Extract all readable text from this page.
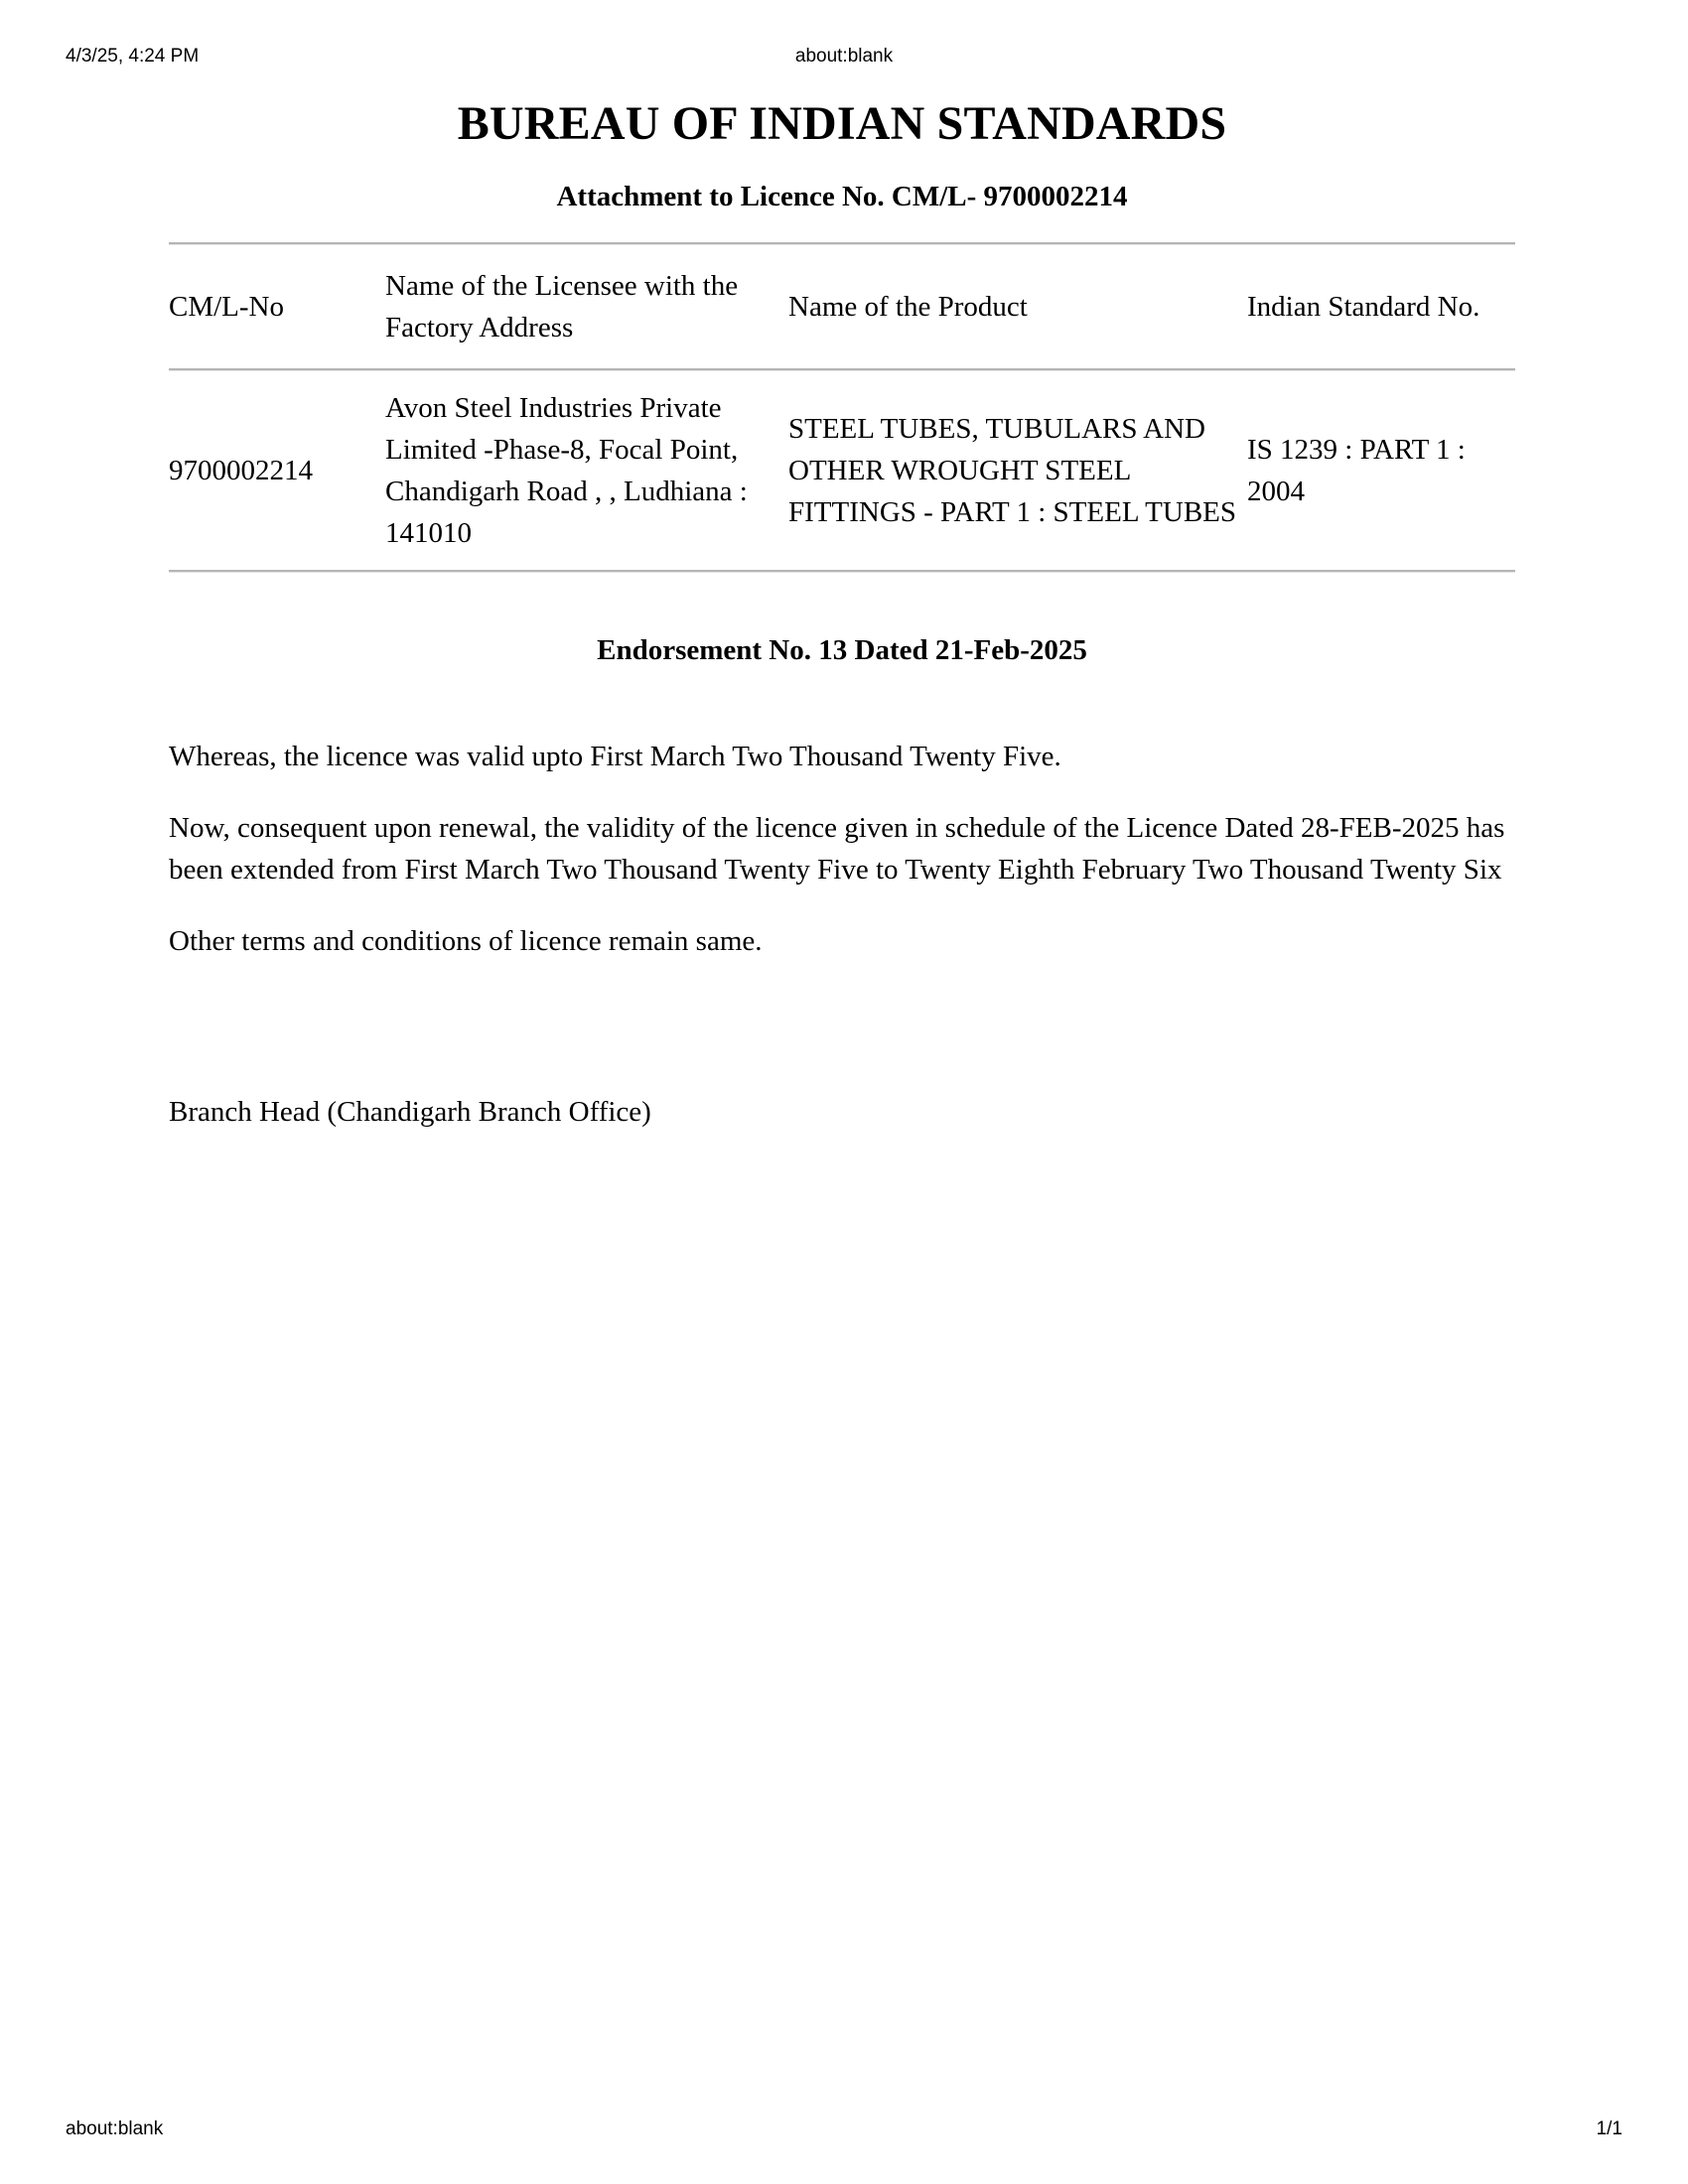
4/3/25, 4:24 PM	about:blank
BUREAU OF INDIAN STANDARDS
Attachment to Licence No. CM/L- 9700002214
CM/L-No	Name of the Licensee with the Factory Address	Name of the Product	Indian Standard No.
9700002214	Avon Steel Industries Private Limited -Phase-8, Focal Point, Chandigarh Road , , Ludhiana : 141010	STEEL TUBES, TUBULARS AND OTHER WROUGHT STEEL FITTINGS - PART 1 : STEEL TUBES	IS 1239 : PART 1 : 2004
Endorsement No. 13 Dated 21-Feb-2025

Whereas, the licence was valid upto First March Two Thousand Twenty Five.

Now, consequent upon renewal, the validity of the licence given in schedule of the Licence Dated 28-FEB-2025 has been extended from First March Two Thousand Twenty Five to Twenty Eighth February Two Thousand Twenty Six

Other terms and conditions of licence remain same.

Branch Head (Chandigarh Branch Office)

about:blank	1/1
